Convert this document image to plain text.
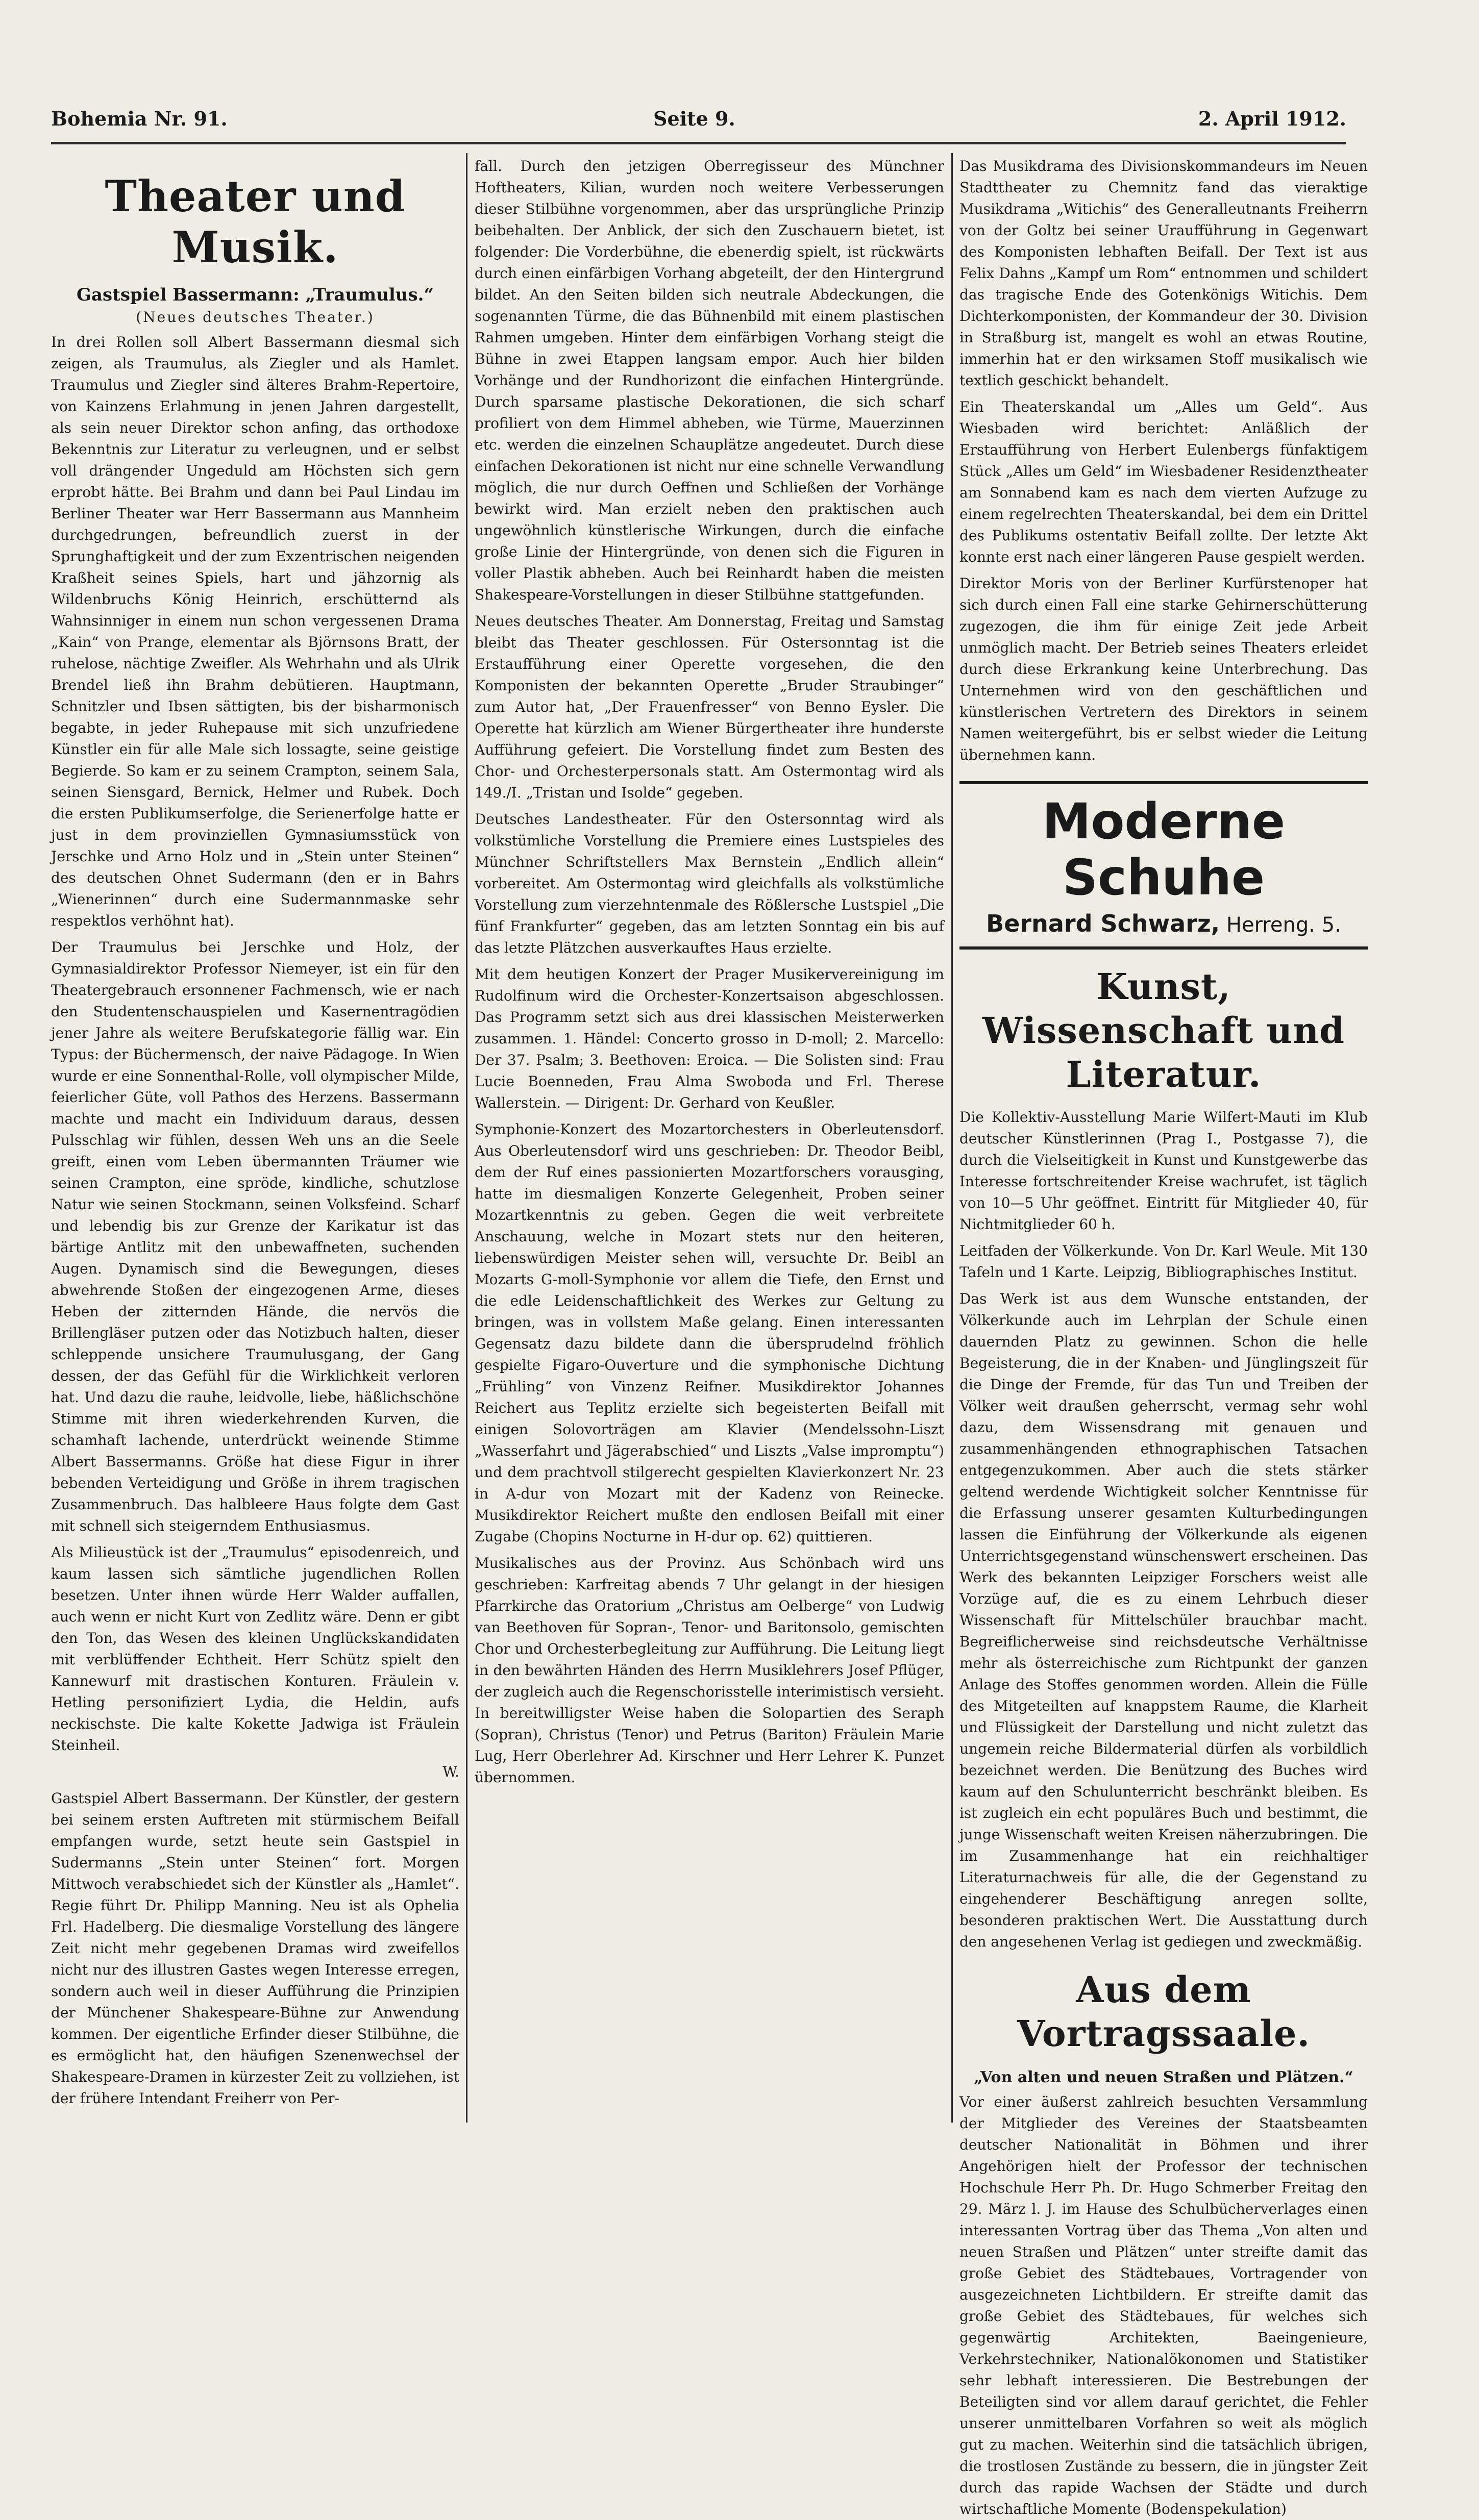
Bohemia Nr. 91.	Seite 9.	2. April 1912.
Theater und Musik.
Gastspiel Bassermann: „Traumulus.“
(Neues deutsches Theater.)

In drei Rollen soll Albert Bassermann diesmal sich zeigen, als Traumulus, als Ziegler und als Hamlet. Traumulus und Ziegler sind älteres Brahm-Repertoire, von Kainzens Erlahmung in jenen Jahren dargestellt, als sein neuer Direktor schon anfing, das orthodoxe Bekenntnis zur Literatur zu verleugnen, und er selbst voll drängender Ungeduld am Höchsten sich gern erprobt hätte. Bei Brahm und dann bei Paul Lindau im Berliner Theater war Herr Bassermann aus Mannheim durchgedrungen, befreundlich zuerst in der Sprunghaftigkeit und der zum Exzentrischen neigenden Kraßheit seines Spiels, hart und jähzornig als Wildenbruchs König Heinrich, erschütternd als Wahnsinniger in einem nun schon vergessenen Drama „Kain“ von Prange, elementar als Björnsons Bratt, der ruhelose, nächtige Zweifler. Als Wehrhahn und als Ulrik Brendel ließ ihn Brahm debütieren. Hauptmann, Schnitzler und Ibsen sättigten, bis der bisharmonisch begabte, in jeder Ruhepause mit sich unzufriedene Künstler ein für alle Male sich lossagte, seine geistige Begierde. So kam er zu seinem Crampton, seinem Sala, seinen Siensgard, Bernick, Helmer und Rubek. Doch die ersten Publikumserfolge, die Serienerfolge hatte er just in dem provinziellen Gymnasiumsstück von Jerschke und Arno Holz und in „Stein unter Steinen“ des deutschen Ohnet Sudermann (den er in Bahrs „Wienerinnen“ durch eine Sudermannmaske sehr respektlos verhöhnt hat).

Der Traumulus bei Jerschke und Holz, der Gymnasialdirektor Professor Niemeyer, ist ein für den Theatergebrauch ersonnener Fachmensch, wie er nach den Studentenschauspielen und Kasernentragödien jener Jahre als weitere Berufskategorie fällig war. Ein Typus: der Büchermensch, der naive Pädagoge. In Wien wurde er eine Sonnenthal-Rolle, voll olympischer Milde, feierlicher Güte, voll Pathos des Herzens. Bassermann machte und macht ein Individuum daraus, dessen Pulsschlag wir fühlen, dessen Weh uns an die Seele greift, einen vom Leben übermannten Träumer wie seinen Crampton, eine spröde, kindliche, schutzlose Natur wie seinen Stockmann, seinen Volksfeind. Scharf und lebendig bis zur Grenze der Karikatur ist das bärtige Antlitz mit den unbewaffneten, suchenden Augen. Dynamisch sind die Bewegungen, dieses abwehrende Stoßen der eingezogenen Arme, dieses Heben der zitternden Hände, die nervös die Brillengläser putzen oder das Notizbuch halten, dieser schleppende unsichere Traumulusgang, der Gang dessen, der das Gefühl für die Wirklichkeit verloren hat. Und dazu die rauhe, leidvolle, liebe, häßlichschöne Stimme mit ihren wiederkehrenden Kurven, die schamhaft lachende, unterdrückt weinende Stimme Albert Bassermanns. Größe hat diese Figur in ihrer bebenden Verteidigung und Größe in ihrem tragischen Zusammenbruch. Das halbleere Haus folgte dem Gast mit schnell sich steigerndem Enthusiasmus.

Als Milieustück ist der „Traumulus“ episodenreich, und kaum lassen sich sämtliche jugendlichen Rollen besetzen. Unter ihnen würde Herr Walder auffallen, auch wenn er nicht Kurt von Zedlitz wäre. Denn er gibt den Ton, das Wesen des kleinen Unglückskandidaten mit verblüffender Echtheit. Herr Schütz spielt den Kannewurf mit drastischen Konturen. Fräulein v. Hetling personifiziert Lydia, die Heldin, aufs neckischste. Die kalte Kokette Jadwiga ist Fräulein Steinheil.

W.

Gastspiel Albert Bassermann. Der Künstler, der gestern bei seinem ersten Auftreten mit stürmischem Beifall empfangen wurde, setzt heute sein Gastspiel in Sudermanns „Stein unter Steinen“ fort. Morgen Mittwoch verabschiedet sich der Künstler als „Hamlet“. Regie führt Dr. Philipp Manning. Neu ist als Ophelia Frl. Hadelberg. Die diesmalige Vorstellung des längere Zeit nicht mehr gegebenen Dramas wird zweifellos nicht nur des illustren Gastes wegen Interesse erregen, sondern auch weil in dieser Aufführung die Prinzipien der Münchener Shakespeare-Bühne zur Anwendung kommen. Der eigentliche Erfinder dieser Stilbühne, die es ermöglicht hat, den häufigen Szenenwechsel der Shakespeare-Dramen in kürzester Zeit zu vollziehen, ist der frühere Intendant Freiherr von Per-

fall. Durch den jetzigen Oberregisseur des Münchner Hoftheaters, Kilian, wurden noch weitere Verbesserungen dieser Stilbühne vorgenommen, aber das ursprüngliche Prinzip beibehalten. Der Anblick, der sich den Zuschauern bietet, ist folgender: Die Vorderbühne, die ebenerdig spielt, ist rückwärts durch einen einfärbigen Vorhang abgeteilt, der den Hintergrund bildet. An den Seiten bilden sich neutrale Abdeckungen, die sogenannten Türme, die das Bühnenbild mit einem plastischen Rahmen umgeben. Hinter dem einfärbigen Vorhang steigt die Bühne in zwei Etappen langsam empor. Auch hier bilden Vorhänge und der Rundhorizont die einfachen Hintergründe. Durch sparsame plastische Dekorationen, die sich scharf profiliert von dem Himmel abheben, wie Türme, Mauerzinnen etc. werden die einzelnen Schauplätze angedeutet. Durch diese einfachen Dekorationen ist nicht nur eine schnelle Verwandlung möglich, die nur durch Oeffnen und Schließen der Vorhänge bewirkt wird. Man erzielt neben den praktischen auch ungewöhnlich künstlerische Wirkungen, durch die einfache große Linie der Hintergründe, von denen sich die Figuren in voller Plastik abheben. Auch bei Reinhardt haben die meisten Shakespeare-Vorstellungen in dieser Stilbühne stattgefunden.

Neues deutsches Theater. Am Donnerstag, Freitag und Samstag bleibt das Theater geschlossen. Für Ostersonntag ist die Erstaufführung einer Operette vorgesehen, die den Komponisten der bekannten Operette „Bruder Straubinger“ zum Autor hat, „Der Frauenfresser“ von Benno Eysler. Die Operette hat kürzlich am Wiener Bürgertheater ihre hunderste Aufführung gefeiert. Die Vorstellung findet zum Besten des Chor- und Orchesterpersonals statt. Am Ostermontag wird als 149./I. „Tristan und Isolde“ gegeben.

Deutsches Landestheater. Für den Ostersonntag wird als volkstümliche Vorstellung die Premiere eines Lustspieles des Münchner Schriftstellers Max Bernstein „Endlich allein“ vorbereitet. Am Ostermontag wird gleichfalls als volkstümliche Vorstellung zum vierzehntenmale des Rößlersche Lustspiel „Die fünf Frankfurter“ gegeben, das am letzten Sonntag ein bis auf das letzte Plätzchen ausverkauftes Haus erzielte.

Mit dem heutigen Konzert der Prager Musikervereinigung im Rudolfinum wird die Orchester-Konzertsaison abgeschlossen. Das Programm setzt sich aus drei klassischen Meisterwerken zusammen. 1. Händel: Concerto grosso in D-moll; 2. Marcello: Der 37. Psalm; 3. Beethoven: Eroica. — Die Solisten sind: Frau Lucie Boenneden, Frau Alma Swoboda und Frl. Therese Wallerstein. — Dirigent: Dr. Gerhard von Keußler.

Symphonie-Konzert des Mozartorchesters in Oberleutensdorf. Aus Oberleutensdorf wird uns geschrieben: Dr. Theodor Beibl, dem der Ruf eines passionierten Mozartforschers vorausging, hatte im diesmaligen Konzerte Gelegenheit, Proben seiner Mozartkenntnis zu geben. Gegen die weit verbreitete Anschauung, welche in Mozart stets nur den heiteren, liebenswürdigen Meister sehen will, versuchte Dr. Beibl an Mozarts G-moll-Symphonie vor allem die Tiefe, den Ernst und die edle Leidenschaftlichkeit des Werkes zur Geltung zu bringen, was in vollstem Maße gelang. Einen interessanten Gegensatz dazu bildete dann die übersprudelnd fröhlich gespielte Figaro-Ouverture und die symphonische Dichtung „Frühling“ von Vinzenz Reifner. Musikdirektor Johannes Reichert aus Teplitz erzielte sich begeisterten Beifall mit einigen Solovorträgen am Klavier (Mendelssohn-Liszt „Wasserfahrt und Jägerabschied“ und Liszts „Valse impromptu“) und dem prachtvoll stilgerecht gespielten Klavierkonzert Nr. 23 in A-dur von Mozart mit der Kadenz von Reinecke. Musikdirektor Reichert mußte den endlosen Beifall mit einer Zugabe (Chopins Nocturne in H-dur op. 62) quittieren.

Musikalisches aus der Provinz. Aus Schönbach wird uns geschrieben: Karfreitag abends 7 Uhr gelangt in der hiesigen Pfarrkirche das Oratorium „Christus am Oelberge“ von Ludwig van Beethoven für Sopran-, Tenor- und Baritonsolo, gemischten Chor und Orchesterbegleitung zur Aufführung. Die Leitung liegt in den bewährten Händen des Herrn Musiklehrers Josef Pflüger, der zugleich auch die Regenschorisstelle interimistisch versieht. In bereitwilligster Weise haben die Solopartien des Seraph (Sopran), Christus (Tenor) und Petrus (Bariton) Fräulein Marie Lug, Herr Oberlehrer Ad. Kirschner und Herr Lehrer K. Punzet übernommen.

Das Musikdrama des Divisionskommandeurs im Neuen Stadttheater zu Chemnitz fand das vieraktige Musikdrama „Witichis“ des Generalleutnants Freiherrn von der Goltz bei seiner Uraufführung in Gegenwart des Komponisten lebhaften Beifall. Der Text ist aus Felix Dahns „Kampf um Rom“ entnommen und schildert das tragische Ende des Gotenkönigs Witichis. Dem Dichterkomponisten, der Kommandeur der 30. Division in Straßburg ist, mangelt es wohl an etwas Routine, immerhin hat er den wirksamen Stoff musikalisch wie textlich geschickt behandelt.

Ein Theaterskandal um „Alles um Geld“. Aus Wiesbaden wird berichtet: Anläßlich der Erstaufführung von Herbert Eulenbergs fünfaktigem Stück „Alles um Geld“ im Wiesbadener Residenztheater am Sonnabend kam es nach dem vierten Aufzuge zu einem regelrechten Theaterskandal, bei dem ein Drittel des Publikums ostentativ Beifall zollte. Der letzte Akt konnte erst nach einer längeren Pause gespielt werden.

Direktor Moris von der Berliner Kurfürstenoper hat sich durch einen Fall eine starke Gehirnerschütterung zugezogen, die ihm für einige Zeit jede Arbeit unmöglich macht. Der Betrieb seines Theaters erleidet durch diese Erkrankung keine Unterbrechung. Das Unternehmen wird von den geschäftlichen und künstlerischen Vertretern des Direktors in seinem Namen weitergeführt, bis er selbst wieder die Leitung übernehmen kann.

Moderne Schuhe
Bernard Schwarz, Herreng. 5.
Kunst, Wissenschaft und Literatur.

Die Kollektiv-Ausstellung Marie Wilfert-Mauti im Klub deutscher Künstlerinnen (Prag I., Postgasse 7), die durch die Vielseitigkeit in Kunst und Kunstgewerbe das Interesse fortschreitender Kreise wachrufet, ist täglich von 10—5 Uhr geöffnet. Eintritt für Mitglieder 40, für Nichtmitglieder 60 h.

Leitfaden der Völkerkunde. Von Dr. Karl Weule. Mit 130 Tafeln und 1 Karte. Leipzig, Bibliographisches Institut.

Das Werk ist aus dem Wunsche entstanden, der Völkerkunde auch im Lehrplan der Schule einen dauernden Platz zu gewinnen. Schon die helle Begeisterung, die in der Knaben- und Jünglingszeit für die Dinge der Fremde, für das Tun und Treiben der Völker weit draußen geherrscht, vermag sehr wohl dazu, dem Wissensdrang mit genauen und zusammenhängenden ethnographischen Tatsachen entgegenzukommen. Aber auch die stets stärker geltend werdende Wichtigkeit solcher Kenntnisse für die Erfassung unserer gesamten Kulturbedingungen lassen die Einführung der Völkerkunde als eigenen Unterrichtsgegenstand wünschenswert erscheinen. Das Werk des bekannten Leipziger Forschers weist alle Vorzüge auf, die es zu einem Lehrbuch dieser Wissenschaft für Mittelschüler brauchbar macht. Begreiflicherweise sind reichsdeutsche Verhältnisse mehr als österreichische zum Richtpunkt der ganzen Anlage des Stoffes genommen worden. Allein die Fülle des Mitgeteilten auf knappstem Raume, die Klarheit und Flüssigkeit der Darstellung und nicht zuletzt das ungemein reiche Bildermaterial dürfen als vorbildlich bezeichnet werden. Die Benützung des Buches wird kaum auf den Schulunterricht beschränkt bleiben. Es ist zugleich ein echt populäres Buch und bestimmt, die junge Wissenschaft weiten Kreisen näherzubringen. Die im Zusammenhange hat ein reichhaltiger Literaturnachweis für alle, die der Gegenstand zu eingehenderer Beschäftigung anregen sollte, besonderen praktischen Wert. Die Ausstattung durch den angesehenen Verlag ist gediegen und zweckmäßig.

Aus dem Vortragssaale.
„Von alten und neuen Straßen und Plätzen.“

Vor einer äußerst zahlreich besuchten Versammlung der Mitglieder des Vereines der Staatsbeamten deutscher Nationalität in Böhmen und ihrer Angehörigen hielt der Professor der technischen Hochschule Herr Ph. Dr. Hugo Schmerber Freitag den 29. März l. J. im Hause des Schulbücherverlages einen interessanten Vortrag über das Thema „Von alten und neuen Straßen und Plätzen“ unter streifte damit das große Gebiet des Städtebaues, Vortragender von ausgezeichneten Lichtbildern. Er streifte damit das große Gebiet des Städtebaues, für welches sich gegenwärtig Architekten, Baeingenieure, Verkehrstechniker, Nationalökonomen und Statistiker sehr lebhaft interessieren. Die Bestrebungen der Beteiligten sind vor allem darauf gerichtet, die Fehler unserer unmittelbaren Vorfahren so weit als möglich gut zu machen. Weiterhin sind die tatsächlich übrigen, die trostlosen Zustände zu bessern, die in jüngster Zeit durch das rapide Wachsen der Städte und durch wirtschaftliche Momente (Bodenspekulation)
